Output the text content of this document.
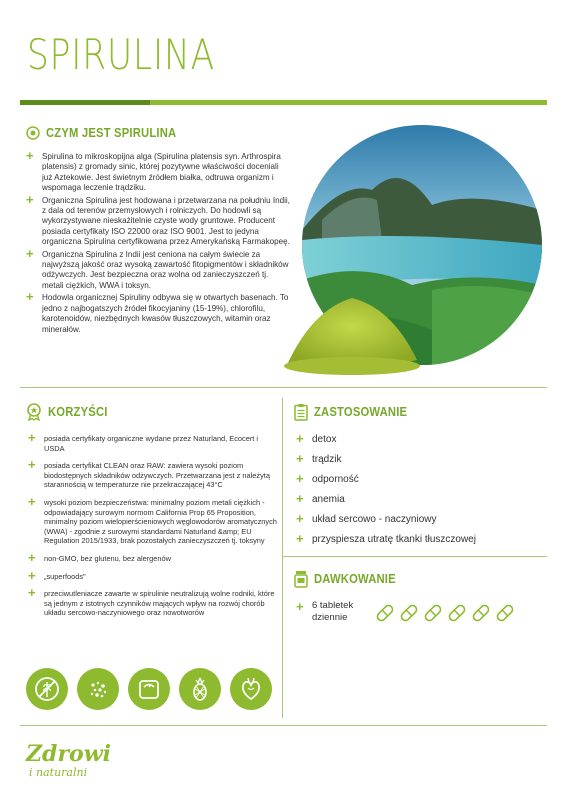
SPIRULINA
CZYM JEST SPIRULINA
+ Spirulina to mikroskopijna alga (Spirulina platensis syn. Arthrospira platensis) z gromady sinic, której pozytywne właściwości doceniali już Aztekowie. Jest świetnym źródłem białka, odtruwa organizm i wspomaga leczenie trądziku.
+ Organiczna Spirulina jest hodowana i przetwarzana na południu Indii, z dala od terenów przemysłowych i rolniczych. Do hodowli są wykorzystywane nieskażitelnie czyste wody gruntowe. Producent posiada certyfikaty ISO 22000 oraz ISO 9001. Jest to jedyna organiczna Spirulina certyfikowana przez Amerykańską Farmakopeę.
+ Organiczna Spirulina z Indii jest ceniona na całym świecie za najwyższą jakość oraz wysoką zawartość fitopigmentów i składników odżywczych. Jest bezpieczna oraz wolna od zanieczyszczeń tj. metali ciężkich, WWA i toksyn.
+ Hodowla organicznej Spiruliny odbywa się w otwartych basenach. To jedno z najbogatszych źródeł fikocyjaniny (15-19%), chlorofilu, karotenoidów, niezbędnych kwasów tłuszczowych, witamin oraz minerałów.
KORZYŚCI
+ posiada certyfikaty organiczne wydane przez Naturland, Ecocert i USDA
+ posiada certyfikat CLEAN oraz RAW: zawiera wysoki poziom biodostępnych składników odżywczych. Przetwarzana jest z należytą starannością w temperaturze nie przekraczającej 43°C
+ wysoki poziom bezpieczeństwa: minimalny poziom metali ciężkich - odpowiadający surowym normom California Prop 65 Proposition, minimalny poziom wielopierścieniowych węglowodorów aromatycznych (WWA) - zgodnie z surowymi standardami Naturland &amp; EU Regulation 2015/1933, brak pozostałych zanieczyszczeń tj. toksyny
+ non-GMO, bez glutenu, bez alergenów
+ „superfoods"
+ przeciwutleniacze zawarte w spirulinie neutralizują wolne rodniki, które są jednym z istotnych czynników mających wpływ na rozwój chorób układu sercowo-naczyniowego oraz nowotworów
ZASTOSOWANIE
+ detox
+ trądzik
+ odporność
+ anemia
+ układ sercowo - naczyniowy
+ przyspiesza utratę tkanki tłuszczowej
DAWKOWANIE
+ 6 tabletek dziennie
Zdrowi
i naturalni
